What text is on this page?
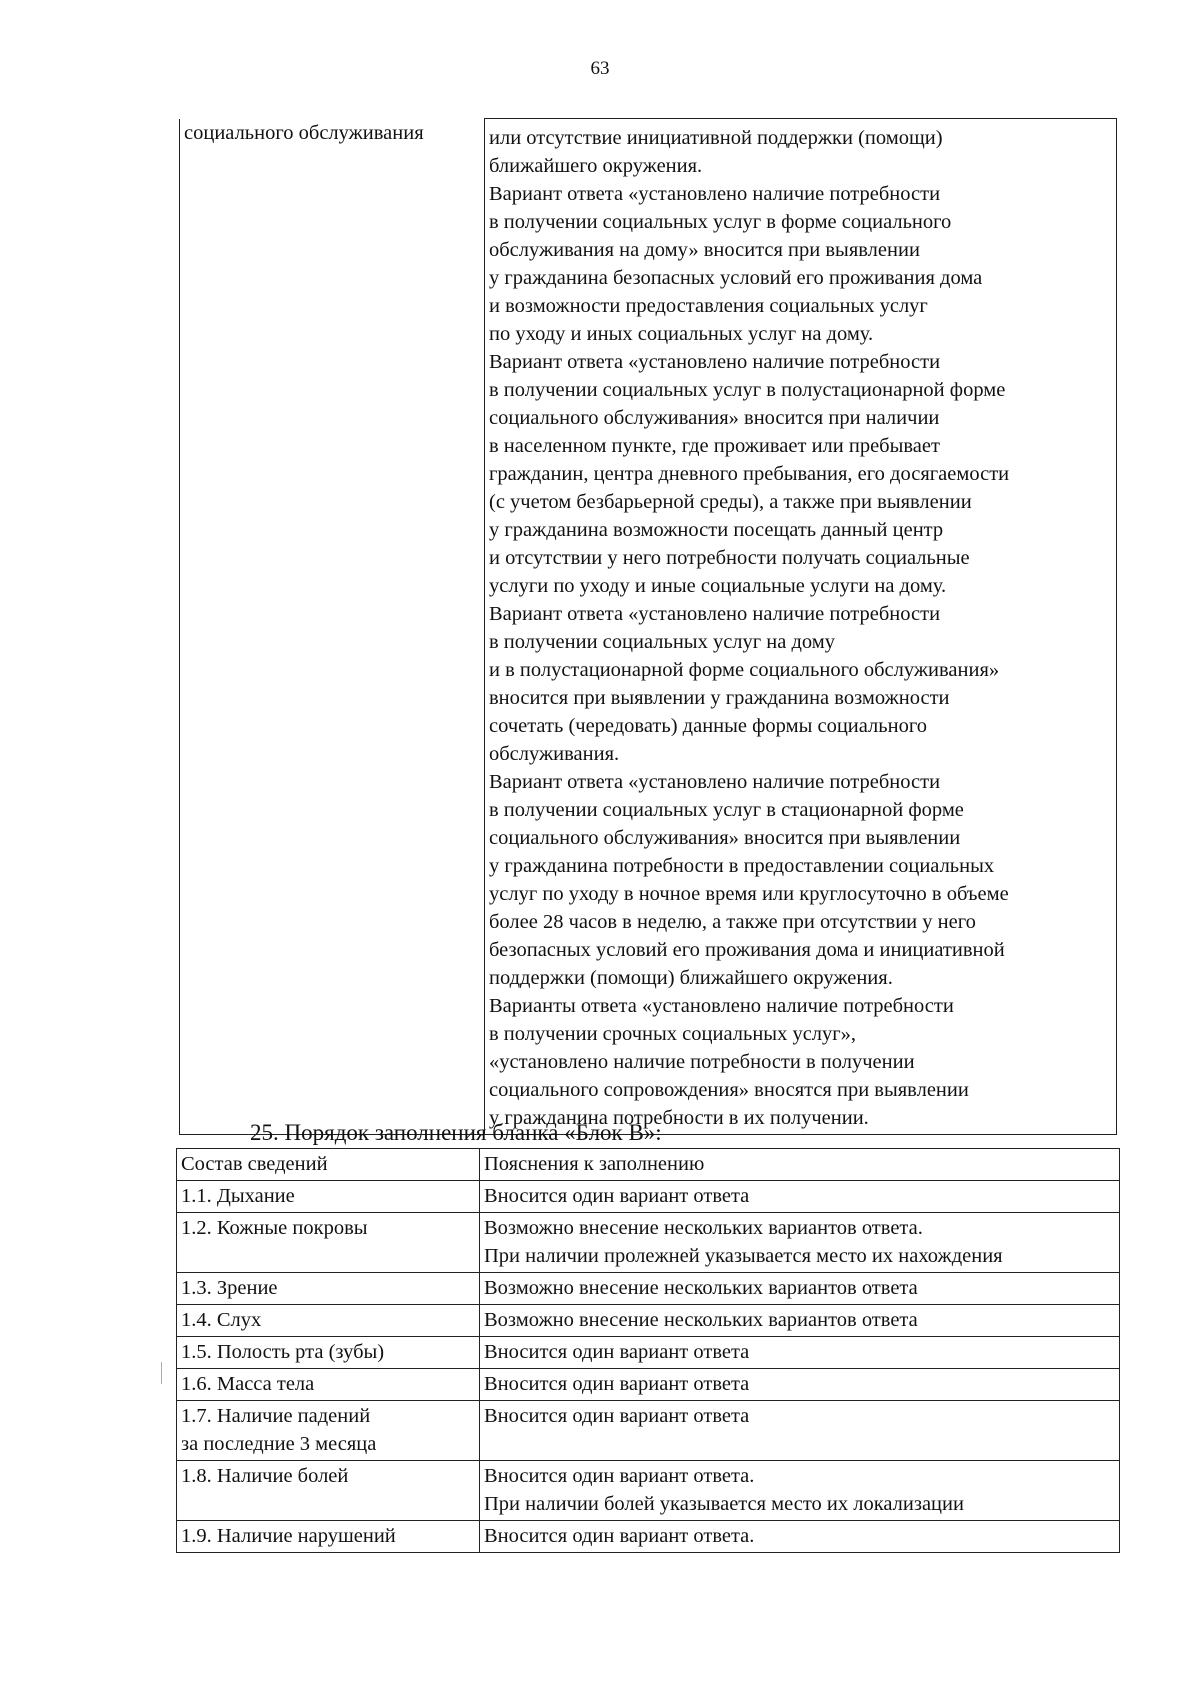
63
социального обслуживания	или отсутствие инициативной поддержки (помощи)
ближайшего окружения.
Вариант ответа «установлено наличие потребности
в получении социальных услуг в форме социального
обслуживания на дому» вносится при выявлении
у гражданина безопасных условий его проживания дома
и возможности предоставления социальных услуг
по уходу и иных социальных услуг на дому.
Вариант ответа «установлено наличие потребности
в получении социальных услуг в полустационарной форме
социального обслуживания» вносится при наличии
в населенном пункте, где проживает или пребывает
гражданин, центра дневного пребывания, его досягаемости
(с учетом безбарьерной среды), а также при выявлении
у гражданина возможности посещать данный центр
и отсутствии у него потребности получать социальные
услуги по уходу и иные социальные услуги на дому.
Вариант ответа «установлено наличие потребности
в получении социальных услуг на дому
и в полустационарной форме социального обслуживания»
вносится при выявлении у гражданина возможности
сочетать (чередовать) данные формы социального
обслуживания.
Вариант ответа «установлено наличие потребности
в получении социальных услуг в стационарной форме
социального обслуживания» вносится при выявлении
у гражданина потребности в предоставлении социальных
услуг по уходу в ночное время или круглосуточно в объеме
более 28 часов в неделю, а также при отсутствии у него
безопасных условий его проживания дома и инициативной
поддержки (помощи) ближайшего окружения.
Варианты ответа «установлено наличие потребности
в получении срочных социальных услуг»,
«установлено наличие потребности в получении
социального сопровождения» вносятся при выявлении
у гражданина потребности в их получении.
25. Порядок заполнения бланка «Блок В»:
Состав сведений	Пояснения к заполнению

1.1. Дыхание	Вносится один вариант ответа

1.2. Кожные покровы	Возможно внесение нескольких вариантов ответа.
При наличии пролежней указывается место их нахождения

1.3. Зрение	Возможно внесение нескольких вариантов ответа

1.4. Слух	Возможно внесение нескольких вариантов ответа

1.5. Полость рта (зубы)	Вносится один вариант ответа

1.6. Масса тела	Вносится один вариант ответа

1.7. Наличие падений
за последние 3 месяца	Вносится один вариант ответа

1.8. Наличие болей	Вносится один вариант ответа.
При наличии болей указывается место их локализации

1.9. Наличие нарушений	Вносится один вариант ответа.
